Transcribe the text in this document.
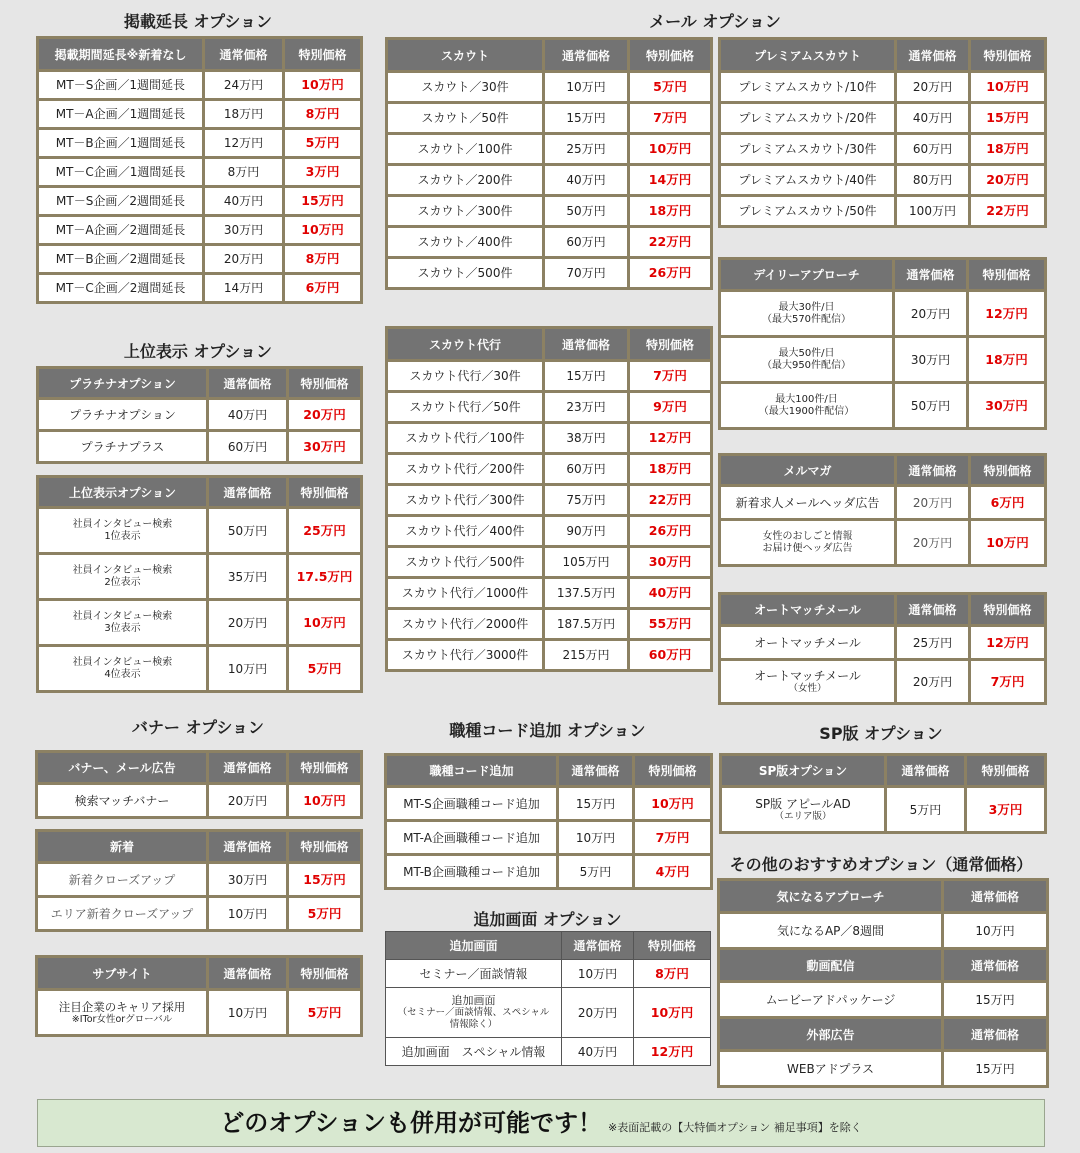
掲載延長 オプション
掲載期間延長※新着なし	通常価格	特別価格
MT－S企画／1週間延長	24万円	10万円
MT－A企画／1週間延長	18万円	8万円
MT－B企画／1週間延長	12万円	5万円
MT－C企画／1週間延長	8万円	3万円
MT－S企画／2週間延長	40万円	15万円
MT－A企画／2週間延長	30万円	10万円
MT－B企画／2週間延長	20万円	8万円
MT－C企画／2週間延長	14万円	6万円
上位表示 オプション
プラチナオプション	通常価格	特別価格
プラチナオプション	40万円	20万円
プラチナプラス	60万円	30万円
上位表示オプション	通常価格	特別価格

社員インタビュー検索
1位表示	50万円	25万円

社員インタビュー検索
2位表示	35万円	17.5万円

社員インタビュー検索
3位表示	20万円	10万円

社員インタビュー検索
4位表示	10万円	5万円
バナー オプション
バナー、メール広告	通常価格	特別価格
検索マッチバナー	20万円	10万円
新着	通常価格	特別価格
新着クローズアップ	30万円	15万円
エリア新着クローズアップ	10万円	5万円
サブサイト	通常価格	特別価格

注目企業のキャリア採用
※ITor女性orグローバル	10万円	5万円
メール オプション
スカウト	通常価格	特別価格
スカウト／30件	10万円	5万円
スカウト／50件	15万円	7万円
スカウト／100件	25万円	10万円
スカウト／200件	40万円	14万円
スカウト／300件	50万円	18万円
スカウト／400件	60万円	22万円
スカウト／500件	70万円	26万円
スカウト代行	通常価格	特別価格
スカウト代行／30件	15万円	7万円
スカウト代行／50件	23万円	9万円
スカウト代行／100件	38万円	12万円
スカウト代行／200件	60万円	18万円
スカウト代行／300件	75万円	22万円
スカウト代行／400件	90万円	26万円
スカウト代行／500件	105万円	30万円
スカウト代行／1000件	137.5万円	40万円
スカウト代行／2000件	187.5万円	55万円
スカウト代行／3000件	215万円	60万円
職種コード追加 オプション
職種コード追加	通常価格	特別価格
MT-S企画職種コード追加	15万円	10万円
MT-A企画職種コード追加	10万円	7万円
MT-B企画職種コード追加	5万円	4万円
追加画面 オプション
追加画面	通常価格	特別価格
セミナー／面談情報	10万円	8万円

追加画面
（セミナー／面談情報、スペシャル
情報除く）	20万円	10万円
追加画面　スペシャル情報	40万円	12万円
プレミアムスカウト	通常価格	特別価格
プレミアムスカウト/10件	20万円	10万円
プレミアムスカウト/20件	40万円	15万円
プレミアムスカウト/30件	60万円	18万円
プレミアムスカウト/40件	80万円	20万円
プレミアムスカウト/50件	100万円	22万円
デイリーアプローチ	通常価格	特別価格

最大30件/日
（最大570件配信）	20万円	12万円

最大50件/日
（最大950件配信）	30万円	18万円

最大100件/日
（最大1900件配信）	50万円	30万円
メルマガ	通常価格	特別価格
新着求人メールヘッダ広告	20万円	6万円

女性のおしごと情報
お届け便ヘッダ広告	20万円	10万円
オートマッチメール	通常価格	特別価格
オートマッチメール	25万円	12万円

オートマッチメール
（女性）	20万円	7万円
SP版 オプション
SP版オプション	通常価格	特別価格

SP版 アピールAD
（エリア版）	5万円	3万円
その他のおすすめオプション（通常価格）
気になるアプローチ	通常価格
気になるAP／8週間	10万円
動画配信	通常価格
ムービーアドパッケージ	15万円
外部広告	通常価格
WEBアドプラス	15万円
どのオプションも併用が可能です！ ※表面記載の【大特価オプション 補足事項】を除く
